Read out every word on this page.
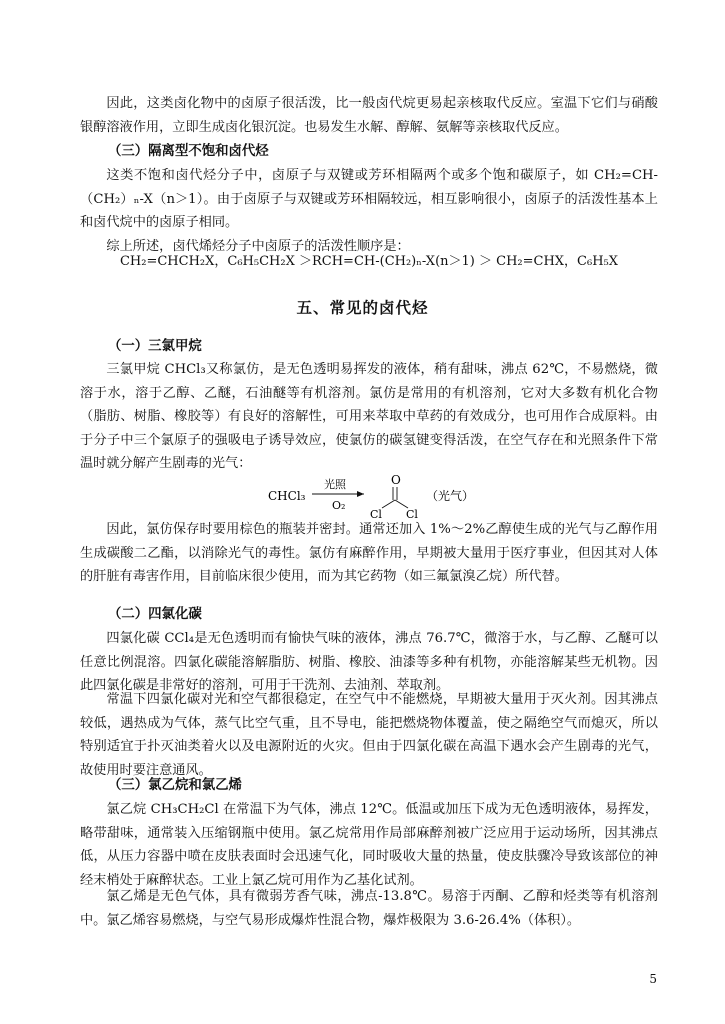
因此，这类卤化物中的卤原子很活泼，比一般卤代烷更易起亲核取代反应。室温下它们与硝酸银醇溶液作用，立即生成卤化银沉淀。也易发生水解、醇解、氨解等亲核取代反应。

（三）隔离型不饱和卤代烃

这类不饱和卤代烃分子中，卤原子与双键或芳环相隔两个或多个饱和碳原子，如 CH₂=CH-（CH₂）ₙ-X（n＞1）。由于卤原子与双键或芳环相隔较远，相互影响很小，卤原子的活泼性基本上和卤代烷中的卤原子相同。

综上所述，卤代烯烃分子中卤原子的活泼性顺序是：

CH₂=CHCH₂X，C₆H₅CH₂X ＞RCH=CH-(CH₂)ₙ-X(n＞1) ＞ CH₂=CHX，C₆H₅X
五、常见的卤代烃

（一）三氯甲烷

三氯甲烷 CHCl₃又称氯仿，是无色透明易挥发的液体，稍有甜味，沸点 62℃，不易燃烧，微溶于水，溶于乙醇、乙醚，石油醚等有机溶剂。氯仿是常用的有机溶剂，它对大多数有机化合物（脂肪、树脂、橡胶等）有良好的溶解性，可用来萃取中草药的有效成分，也可用作合成原料。由于分子中三个氯原子的强吸电子诱导效应，使氯仿的碳氢键变得活泼，在空气存在和光照条件下常温时就分解产生剧毒的光气：

CHCl₃
光照
O₂
O
Cl Cl
（光气）

因此，氯仿保存时要用棕色的瓶装并密封。通常还加入 1%～2%乙醇使生成的光气与乙醇作用生成碳酸二乙酯，以消除光气的毒性。氯仿有麻醉作用，早期被大量用于医疗事业，但因其对人体的肝脏有毒害作用，目前临床很少使用，而为其它药物（如三氟氯溴乙烷）所代替。

（二）四氯化碳

四氯化碳 CCl₄是无色透明而有愉快气味的液体，沸点 76.7℃，微溶于水，与乙醇、乙醚可以任意比例混溶。四氯化碳能溶解脂肪、树脂、橡胶、油漆等多种有机物，亦能溶解某些无机物。因此四氯化碳是非常好的溶剂，可用于干洗剂、去油剂、萃取剂。

常温下四氯化碳对光和空气都很稳定，在空气中不能燃烧，早期被大量用于灭火剂。因其沸点较低，遇热成为气体，蒸气比空气重，且不导电，能把燃烧物体覆盖，使之隔绝空气而熄灭，所以特别适宜于扑灭油类着火以及电源附近的火灾。但由于四氯化碳在高温下遇水会产生剧毒的光气，故使用时要注意通风。

（三）氯乙烷和氯乙烯

氯乙烷 CH₃CH₂Cl 在常温下为气体，沸点 12℃。低温或加压下成为无色透明液体，易挥发，略带甜味，通常装入压缩钢瓶中使用。氯乙烷常用作局部麻醉剂被广泛应用于运动场所，因其沸点低，从压力容器中喷在皮肤表面时会迅速气化，同时吸收大量的热量，使皮肤骤冷导致该部位的神经末梢处于麻醉状态。工业上氯乙烷可用作为乙基化试剂。

氯乙烯是无色气体，具有微弱芳香气味，沸点-13.8℃。易溶于丙酮、乙醇和烃类等有机溶剂中。氯乙烯容易燃烧，与空气易形成爆炸性混合物，爆炸极限为 3.6-26.4%（体积）。

5
